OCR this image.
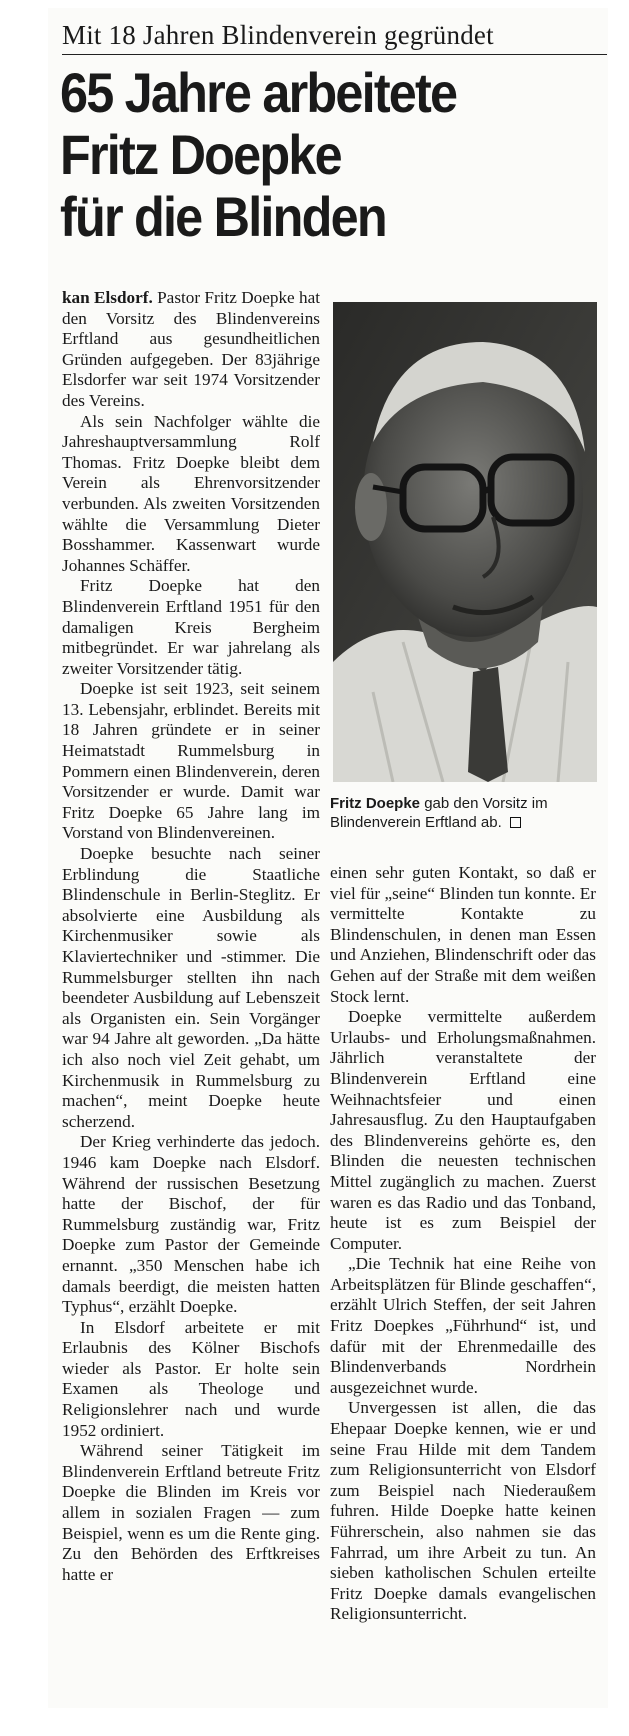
Mit 18 Jahren Blindenverein gegründet
65 Jahre arbeitete
Fritz Doepke
für die Blinden

kan Elsdorf. Pastor Fritz Doepke hat den Vorsitz des Blindenvereins Erftland aus gesundheitlichen Gründen aufgegeben. Der 83jährige Elsdorfer war seit 1974 Vorsitzender des Vereins.

Als sein Nachfolger wählte die Jahreshauptversammlung Rolf Thomas. Fritz Doepke bleibt dem Verein als Ehrenvorsitzender verbunden. Als zweiten Vorsitzenden wählte die Versammlung Dieter Bosshammer. Kassenwart wurde Johannes Schäffer.

Fritz Doepke hat den Blindenverein Erftland 1951 für den damaligen Kreis Bergheim mitbegründet. Er war jahrelang als zweiter Vorsitzender tätig.

Doepke ist seit 1923, seit seinem 13. Lebensjahr, erblindet. Bereits mit 18 Jahren gründete er in seiner Heimatstadt Rummelsburg in Pommern einen Blindenverein, deren Vorsitzender er wurde. Damit war Fritz Doepke 65 Jahre lang im Vorstand von Blindenvereinen.

Doepke besuchte nach seiner Erblindung die Staatliche Blindenschule in Berlin-Steglitz. Er absolvierte eine Ausbildung als Kirchenmusiker sowie als Klaviertechniker und -stimmer. Die Rummelsburger stellten ihn nach beendeter Ausbildung auf Lebenszeit als Organisten ein. Sein Vorgänger war 94 Jahre alt geworden. „Da hätte ich also noch viel Zeit gehabt, um Kirchenmusik in Rummelsburg zu machen“, meint Doepke heute scherzend.

Der Krieg verhinderte das jedoch. 1946 kam Doepke nach Elsdorf. Während der russischen Besetzung hatte der Bischof, der für Rummelsburg zuständig war, Fritz Doepke zum Pastor der Gemeinde ernannt. „350 Menschen habe ich damals beerdigt, die meisten hatten Typhus“, erzählt Doepke.

In Elsdorf arbeitete er mit Erlaubnis des Kölner Bischofs wieder als Pastor. Er holte sein Examen als Theologe und Religionslehrer nach und wurde 1952 ordiniert.

Während seiner Tätigkeit im Blindenverein Erftland betreute Fritz Doepke die Blinden im Kreis vor allem in sozialen Fragen — zum Beispiel, wenn es um die Rente ging. Zu den Behörden des Erftkreises hatte er

Fritz Doepke gab den Vorsitz im Blindenverein Erftland ab.

einen sehr guten Kontakt, so daß er viel für „seine“ Blinden tun konnte. Er vermittelte Kontakte zu Blindenschulen, in denen man Essen und Anziehen, Blindenschrift oder das Gehen auf der Straße mit dem weißen Stock lernt.

Doepke vermittelte außerdem Urlaubs- und Erholungsmaßnahmen. Jährlich veranstaltete der Blindenverein Erftland eine Weihnachtsfeier und einen Jahresausflug. Zu den Hauptaufgaben des Blindenvereins gehörte es, den Blinden die neuesten technischen Mittel zugänglich zu machen. Zuerst waren es das Radio und das Tonband, heute ist es zum Beispiel der Computer.

„Die Technik hat eine Reihe von Arbeitsplätzen für Blinde geschaffen“, erzählt Ulrich Steffen, der seit Jahren Fritz Doepkes „Führhund“ ist, und dafür mit der Ehrenmedaille des Blindenverbands Nordrhein ausgezeichnet wurde.

Unvergessen ist allen, die das Ehepaar Doepke kennen, wie er und seine Frau Hilde mit dem Tandem zum Religionsunterricht von Elsdorf zum Beispiel nach Niederaußem fuhren. Hilde Doepke hatte keinen Führerschein, also nahmen sie das Fahrrad, um ihre Arbeit zu tun. An sieben katholischen Schulen erteilte Fritz Doepke damals evangelischen Religionsunterricht.
